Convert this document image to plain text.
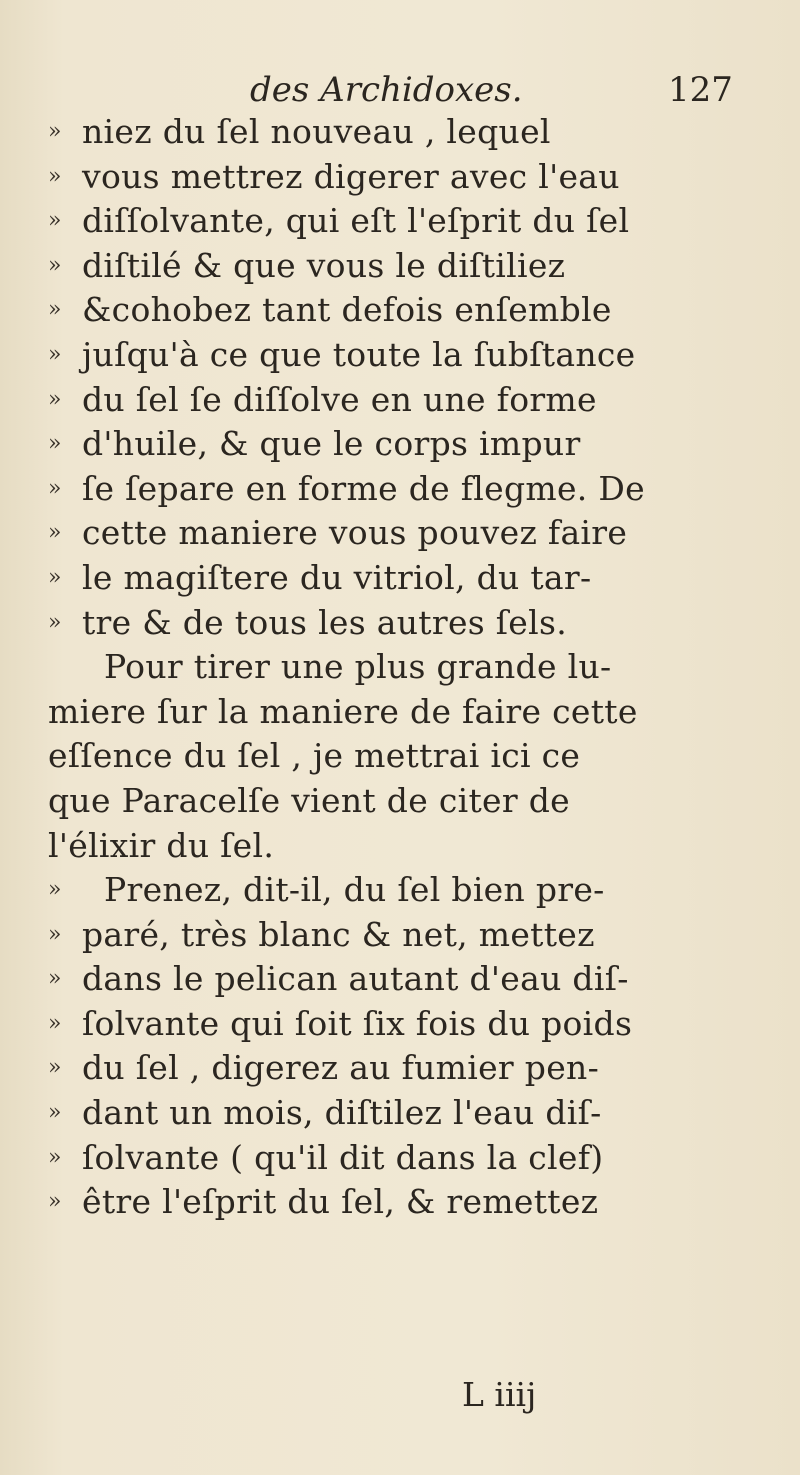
des Archidoxes.	127
» niez du ſel nouveau , lequel
» vous mettrez digerer avec l'eau
» diſſolvante, qui eſt l'eſprit du ſel
» diſtilé & que vous le diſtiliez
» &cohobez tant defois enſemble
» juſqu'à ce que toute la ſubſtance
» du ſel ſe diſſolve en une forme
» d'huile, & que le corps impur
» ſe ſepare en forme de flegme. De
» cette maniere vous pouvez faire
» le magiſtere du vitriol, du tar-
» tre & de tous les autres ſels.
Pour tirer une plus grande lu-
miere ſur la maniere de faire cette
eſſence du ſel , je mettrai ici ce
que Paracelſe vient de citer de
l'élixir du ſel.
» Prenez, dit-il, du ſel bien pre-
» paré, très blanc & net, mettez
» dans le pelican autant d'eau diſ-
» ſolvante qui ſoit ſix fois du poids
» du ſel , digerez au fumier pen-
» dant un mois, diſtilez l'eau diſ-
» ſolvante ( qu'il dit dans la clef)
» être l'eſprit du ſel, & remettez
L iiij
